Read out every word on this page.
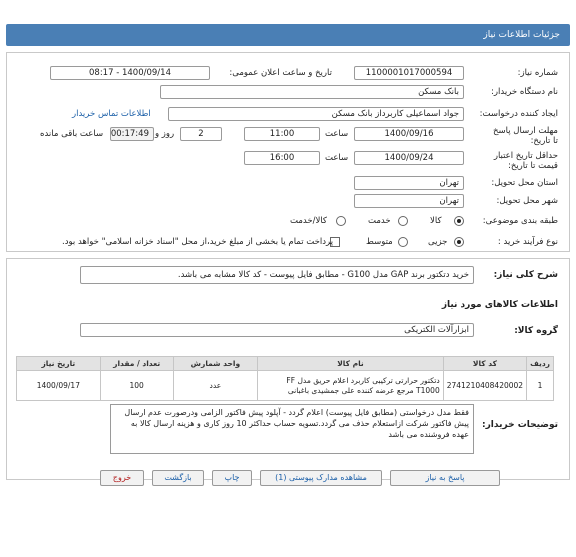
جزئیات اطلاعات نیاز
شماره نیاز:
1100001017000594
تاریخ و ساعت اعلان عمومی:
1400/09/14 - 08:17
نام دستگاه خریدار:
بانک مسکن
ایجاد کننده درخواست:
جواد اسماعیلی کاربرداز بانک مسکن
اطلاعات تماس خریدار
مهلت ارسال پاسخ تا تاریخ:
1400/09/16
ساعت
11:00
2
روز و
00:17:49
ساعت باقی مانده
حداقل تاریخ اعتبار قیمت تا تاریخ:
1400/09/24
ساعت
16:00
استان محل تحویل:
تهران
شهر محل تحویل:
تهران
طبقه بندی موضوعی:
کالا
خدمت
کالا/خدمت
نوع فرآیند خرید :
جزیی
متوسط
پرداخت تمام یا بخشی از مبلغ خرید،از محل "اسناد خزانه اسلامی" خواهد بود.
شرح کلی نیاز:
خرید دتکتور برند GAP مدل G100 - مطابق فایل پیوست - کد کالا مشابه می باشد.
اطلاعات کالاهای مورد نیاز
گروه کالا:
ابزارآلات الکتریکی
ردیف	کد کالا	نام کالا	واحد شمارش	تعداد / مقدار	تاریخ نیاز
1	2741210408420002	دتکتور حرارتی ترکیبی کاربرد اعلام حریق مدل FF T1000 مرجع عرضه کننده علی جمشیدی باغبانی	عدد	100	1400/09/17
توضیحات خریدار:
فقط مدل درخواستی (مطابق فایل پیوست) اعلام گردد - آپلود پیش فاکتور الزامی ودرصورت عدم ارسال پیش فاکتور شرکت ازاستعلام حذف می گردد.تسویه حساب حداکثر 10 روز کاری و هزینه ارسال کالا به عهده فروشنده می باشد
پاسخ به نیاز
مشاهده مدارک پیوستی (1)
چاپ
بازگشت
خروج
